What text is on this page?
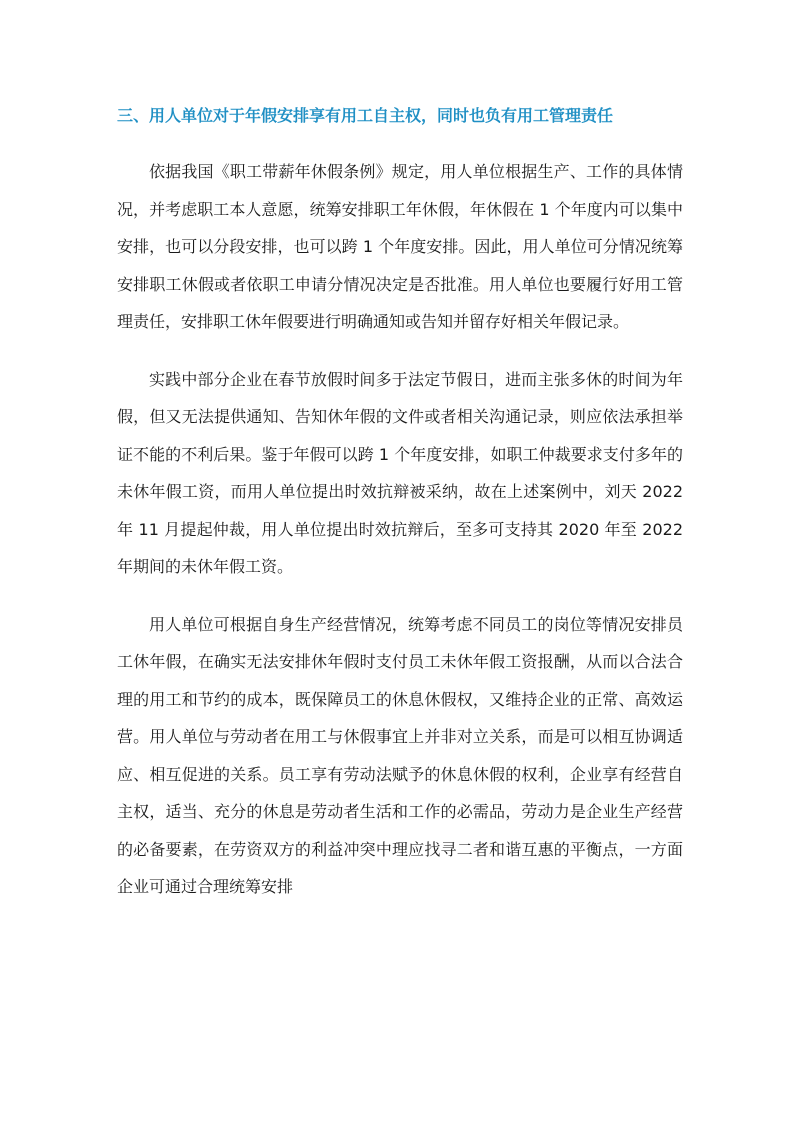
三、用人单位对于年假安排享有用工自主权，同时也负有用工管理责任

依据我国《职工带薪年休假条例》规定，用人单位根据生产、工作的具体情况，并考虑职工本人意愿，统筹安排职工年休假，年休假在 1 个年度内可以集中安排，也可以分段安排，也可以跨 1 个年度安排。因此，用人单位可分情况统筹安排职工休假或者依职工申请分情况决定是否批准。用人单位也要履行好用工管理责任，安排职工休年假要进行明确通知或告知并留存好相关年假记录。

实践中部分企业在春节放假时间多于法定节假日，进而主张多休的时间为年假，但又无法提供通知、告知休年假的文件或者相关沟通记录，则应依法承担举证不能的不利后果。鉴于年假可以跨 1 个年度安排，如职工仲裁要求支付多年的未休年假工资，而用人单位提出时效抗辩被采纳，故在上述案例中，刘天 2022 年 11 月提起仲裁，用人单位提出时效抗辩后，至多可支持其 2020 年至 2022 年期间的未休年假工资。

用人单位可根据自身生产经营情况，统筹考虑不同员工的岗位等情况安排员工休年假，在确实无法安排休年假时支付员工未休年假工资报酬，从而以合法合理的用工和节约的成本，既保障员工的休息休假权，又维持企业的正常、高效运营。用人单位与劳动者在用工与休假事宜上并非对立关系，而是可以相互协调适应、相互促进的关系。员工享有劳动法赋予的休息休假的权利，企业享有经营自主权，适当、充分的休息是劳动者生活和工作的必需品，劳动力是企业生产经营的必备要素，在劳资双方的利益冲突中理应找寻二者和谐互惠的平衡点，一方面企业可通过合理统筹安排
